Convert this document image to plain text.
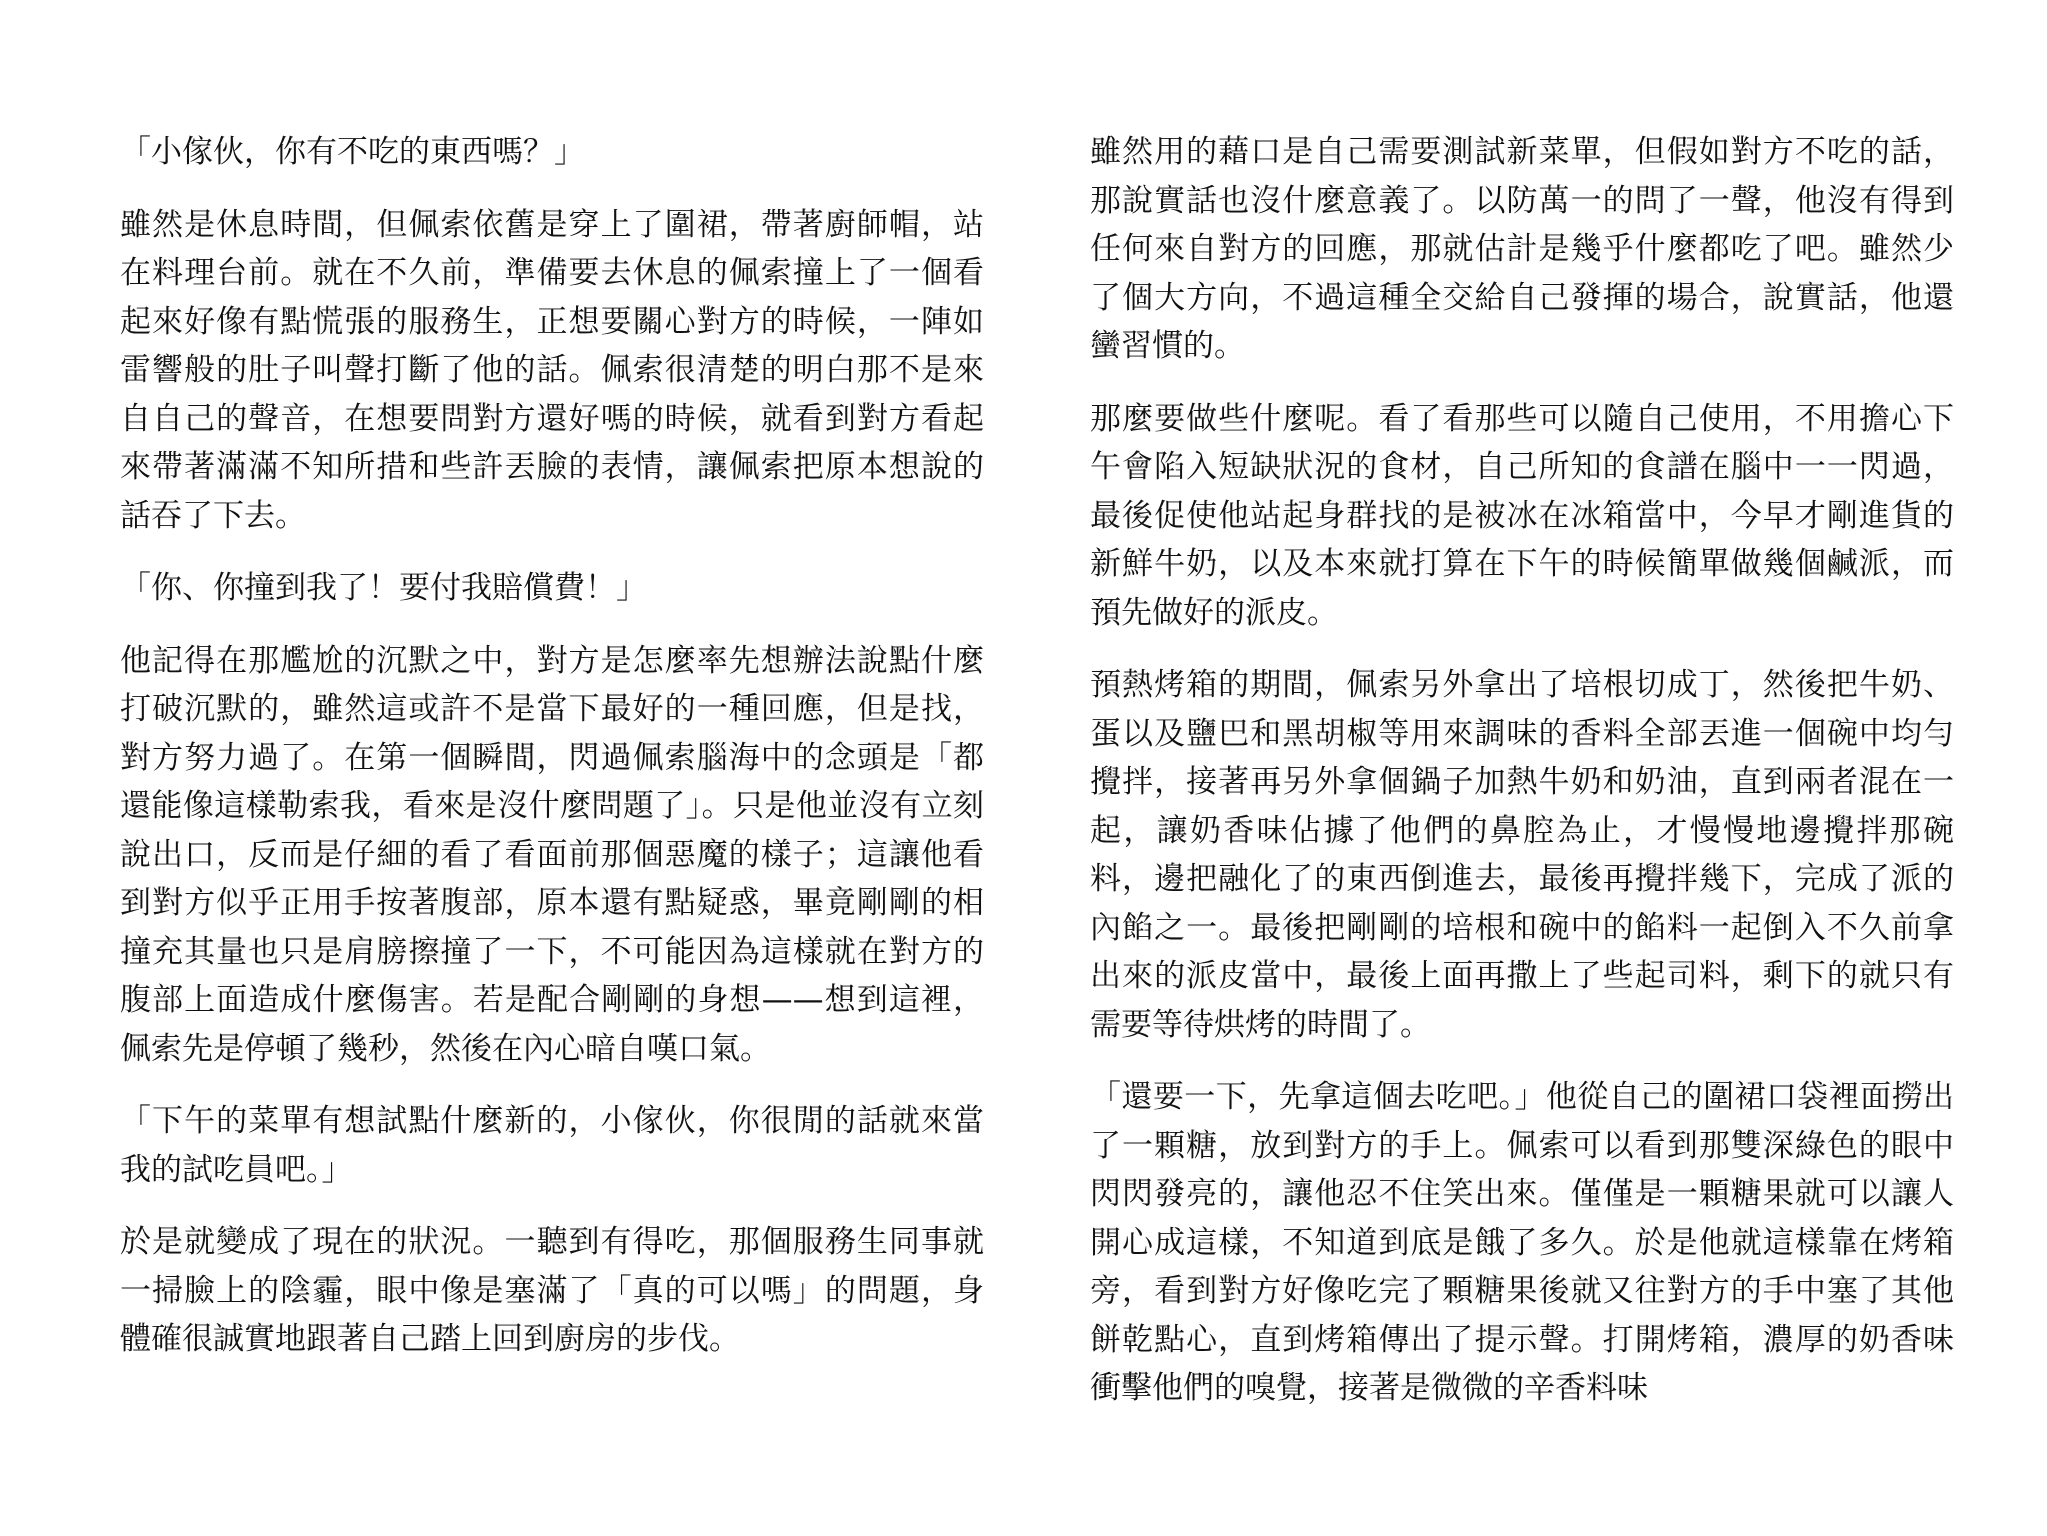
「小傢伙，你有不吃的東西嗎？」

雖然是休息時間，但佩索依舊是穿上了圍裙，帶著廚師帽，站在料理台前。就在不久前，準備要去休息的佩索撞上了一個看起來好像有點慌張的服務生，正想要關心對方的時候，一陣如雷響般的肚子叫聲打斷了他的話。佩索很清楚的明白那不是來自自己的聲音，在想要問對方還好嗎的時候，就看到對方看起來帶著滿滿不知所措和些許丟臉的表情，讓佩索把原本想說的話吞了下去。

「你、你撞到我了！要付我賠償費！」

他記得在那尷尬的沉默之中，對方是怎麼率先想辦法說點什麼打破沉默的，雖然這或許不是當下最好的一種回應，但是找，對方努力過了。在第一個瞬間，閃過佩索腦海中的念頭是「都還能像這樣勒索我，看來是沒什麼問題了」。只是他並沒有立刻說出口，反而是仔細的看了看面前那個惡魔的樣子；這讓他看到對方似乎正用手按著腹部，原本還有點疑惑，畢竟剛剛的相撞充其量也只是肩膀擦撞了一下，不可能因為這樣就在對方的腹部上面造成什麼傷害。若是配合剛剛的身想——想到這裡，佩索先是停頓了幾秒，然後在內心暗自嘆口氣。

「下午的菜單有想試點什麼新的，小傢伙，你很閒的話就來當我的試吃員吧。」

於是就變成了現在的狀況。一聽到有得吃，那個服務生同事就一掃臉上的陰霾，眼中像是塞滿了「真的可以嗎」的問題，身體確很誠實地跟著自己踏上回到廚房的步伐。

雖然用的藉口是自己需要測試新菜單，但假如對方不吃的話，那說實話也沒什麼意義了。以防萬一的問了一聲，他沒有得到任何來自對方的回應，那就估計是幾乎什麼都吃了吧。雖然少了個大方向，不過這種全交給自己發揮的場合，說實話，他還蠻習慣的。

那麼要做些什麼呢。看了看那些可以隨自己使用，不用擔心下午會陷入短缺狀況的食材，自己所知的食譜在腦中一一閃過，最後促使他站起身群找的是被冰在冰箱當中，今早才剛進貨的新鮮牛奶，以及本來就打算在下午的時候簡單做幾個鹹派，而預先做好的派皮。

預熱烤箱的期間，佩索另外拿出了培根切成丁，然後把牛奶、蛋以及鹽巴和黑胡椒等用來調味的香料全部丟進一個碗中均勻攪拌，接著再另外拿個鍋子加熱牛奶和奶油，直到兩者混在一起，讓奶香味佔據了他們的鼻腔為止，才慢慢地邊攪拌那碗料，邊把融化了的東西倒進去，最後再攪拌幾下，完成了派的內餡之一。最後把剛剛的培根和碗中的餡料一起倒入不久前拿出來的派皮當中，最後上面再撒上了些起司料，剩下的就只有需要等待烘烤的時間了。

「還要一下，先拿這個去吃吧。」他從自己的圍裙口袋裡面撈出了一顆糖，放到對方的手上。佩索可以看到那雙深綠色的眼中閃閃發亮的，讓他忍不住笑出來。僅僅是一顆糖果就可以讓人開心成這樣，不知道到底是餓了多久。於是他就這樣靠在烤箱旁，看到對方好像吃完了顆糖果後就又往對方的手中塞了其他餅乾點心，直到烤箱傳出了提示聲。打開烤箱，濃厚的奶香味衝擊他們的嗅覺，接著是微微的辛香料味
